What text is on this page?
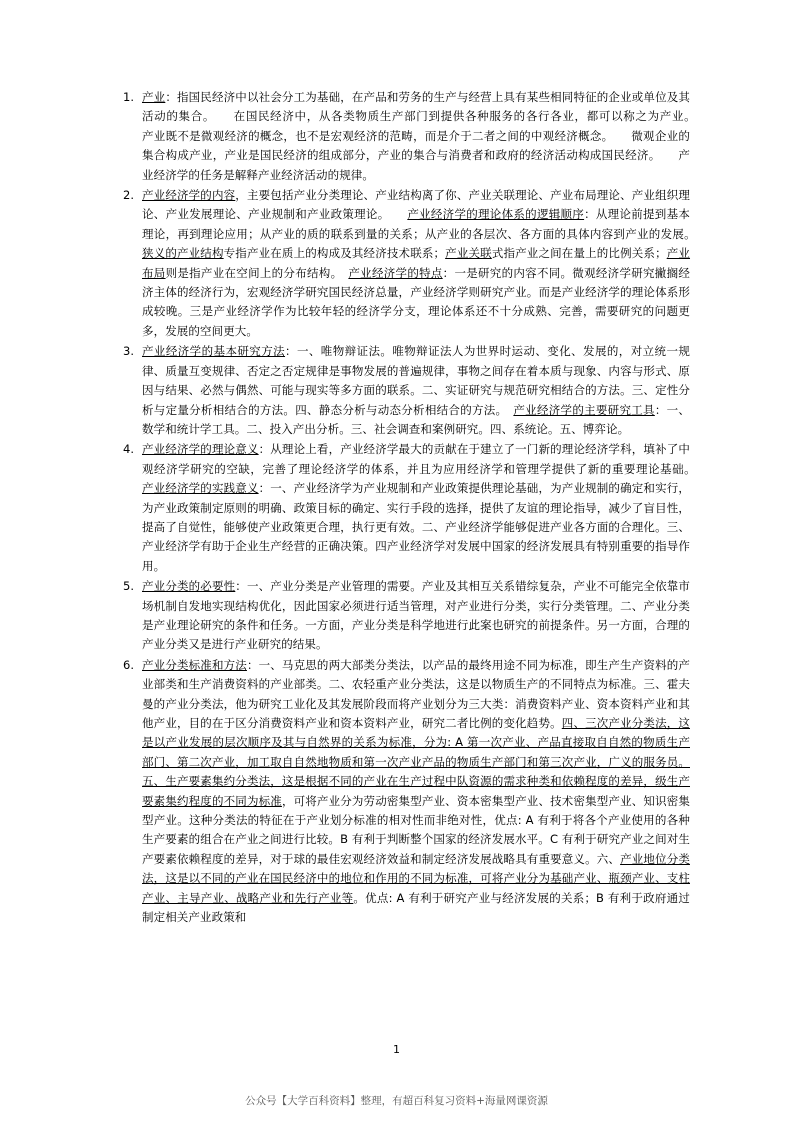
1. 产业：指国民经济中以社会分工为基础，在产品和劳务的生产与经营上具有某些相同特征的企业或单位及其活动的集合。　　在国民经济中，从各类物质生产部门到提供各种服务的各行各业，都可以称之为产业。　　产业既不是微观经济的概念，也不是宏观经济的范畴，而是介于二者之间的中观经济概念。　　微观企业的集合构成产业，产业是国民经济的组成部分，产业的集合与消费者和政府的经济活动构成国民经济。　　产业经济学的任务是解释产业经济活动的规律。
2. 产业经济学的内容，主要包括产业分类理论、产业结构离了你、产业关联理论、产业布局理论、产业组织理论、产业发展理论、产业规制和产业政策理论。　　产业经济学的理论体系的逻辑顺序：从理论前提到基本理论，再到理论应用；从产业的质的联系到量的关系；从产业的各层次、各方面的具体内容到产业的发展。　狭义的产业结构专指产业在质上的构成及其经济技术联系；产业关联式指产业之间在量上的比例关系；产业布局则是指产业在空间上的分布结构。　产业经济学的特点：一是研究的内容不同。微观经济学研究撇搁经济主体的经济行为，宏观经济学研究国民经济总量，产业经济学则研究产业。而是产业经济学的理论体系形成较晚。三是产业经济学作为比较年轻的经济学分支，理论体系还不十分成熟、完善，需要研究的问题更多，发展的空间更大。
3. 产业经济学的基本研究方法：一、唯物辩证法。唯物辩证法人为世界时运动、变化、发展的，对立统一规律、质量互变规律、否定之否定规律是事物发展的普遍规律，事物之间存在着本质与现象、内容与形式、原因与结果、必然与偶然、可能与现实等多方面的联系。二、实证研究与规范研究相结合的方法。三、定性分析与定量分析相结合的方法。四、静态分析与动态分析相结合的方法。　产业经济学的主要研究工具：一、数学和统计学工具。二、投入产出分析。三、社会调查和案例研究。四、系统论。五、博弈论。
4. 产业经济学的理论意义：从理论上看，产业经济学最大的贡献在于建立了一门新的理论经济学科，填补了中观经济学研究的空缺，完善了理论经济学的体系，并且为应用经济学和管理学提供了新的重要理论基础。　　产业经济学的实践意义：一、产业经济学为产业规制和产业政策提供理论基础，为产业规制的确定和实行，为产业政策制定原则的明确、政策目标的确定、实行手段的选择，提供了友谊的理论指导，减少了盲目性，提高了自觉性，能够使产业政策更合理，执行更有效。二、产业经济学能够促进产业各方面的合理化。三、产业经济学有助于企业生产经营的正确决策。四产业经济学对发展中国家的经济发展具有特别重要的指导作用。
5. 产业分类的必要性：一、产业分类是产业管理的需要。产业及其相互关系错综复杂，产业不可能完全依靠市场机制自发地实现结构优化，因此国家必须进行适当管理，对产业进行分类，实行分类管理。二、产业分类是产业理论研究的条件和任务。一方面，产业分类是科学地进行此案也研究的前提条件。另一方面，合理的产业分类又是进行产业研究的结果。
6. 产业分类标准和方法：一、马克思的两大部类分类法，以产品的最终用途不同为标准，即生产生产资料的产业部类和生产消费资料的产业部类。二、农轻重产业分类法，这是以物质生产的不同特点为标准。三、霍夫曼的产业分类法，他为研究工业化及其发展阶段而将产业划分为三大类：消费资料产业、资本资料产业和其他产业，目的在于区分消费资料产业和资本资料产业，研究二者比例的变化趋势。四、三次产业分类法，这是以产业发展的层次顺序及其与自然界的关系为标准，分为: A 第一次产业、产品直接取自自然的物质生产部门、第二次产业，加工取自自然地物质和第一次产业产品的物质生产部门和第三次产业，广义的服务员。五、生产要素集约分类法，这是根据不同的产业在生产过程中队资源的需求种类和依赖程度的差异，级生产要素集约程度的不同为标准，可将产业分为劳动密集型产业、资本密集型产业、技术密集型产业、知识密集型产业。这种分类法的特征在于产业划分标准的相对性而非绝对性，优点: A 有利于将各个产业使用的各种生产要素的组合在产业之间进行比较。B 有利于判断整个国家的经济发展水平。C 有利于研究产业之间对生产要素依赖程度的差异，对于球的最佳宏观经济效益和制定经济发展战略具有重要意义。六、产业地位分类法，这是以不同的产业在国民经济中的地位和作用的不同为标准，可将产业分为基础产业、瓶颈产业、支柱产业、主导产业、战略产业和先行产业等。优点: A 有利于研究产业与经济发展的关系；B 有利于政府通过制定相关产业政策和
1
公众号【大学百科资料】整理，有超百科复习资料+海量网课资源
